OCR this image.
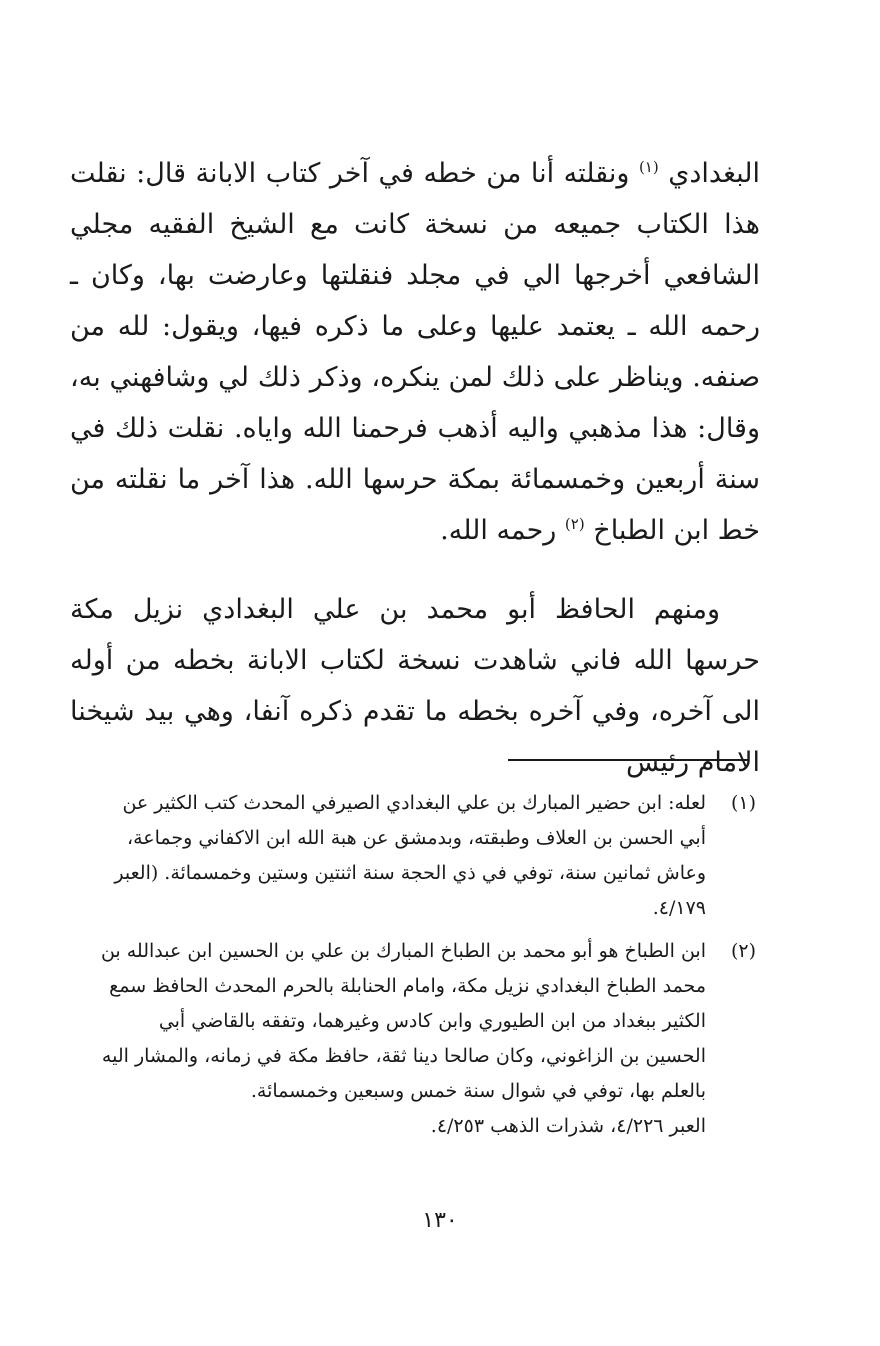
البغدادي $^{(١)}$ ونقلته أنا من خطه في آخر كتاب الابانة قال: نقلت هذا الكتاب جميعه من نسخة كانت مع الشيخ الفقيه مجلي الشافعي أخرجها الي في مجلد فنقلتها وعارضت بها، وكان ـ رحمه الله ـ يعتمد عليها وعلى ما ذكره فيها، ويقول: لله من صنفه. ويناظر على ذلك لمن ينكره، وذكر ذلك لي وشافهني به، وقال: هذا مذهبي واليه أذهب فرحمنا الله واياه. نقلت ذلك في سنة أربعين وخمسمائة بمكة حرسها الله. هذا آخر ما نقلته من خط ابن الطباخ $^{(٢)}$ رحمه الله.

ومنهم الحافظ أبو محمد بن علي البغدادي نزيل مكة حرسها الله فاني شاهدت نسخة لكتاب الابانة بخطه من أوله الى آخره، وفي آخره بخطه ما تقدم ذكره آنفا، وهي بيد شيخنا الامام رئيس

(١)
لعله: ابن حضير المبارك بن علي البغدادي الصيرفي المحدث كتب الكثير عن
أبي الحسن بن العلاف وطبقته، وبدمشق عن هبة الله ابن الاكفاني وجماعة،
وعاش ثمانين سنة، توفي في ذي الحجة سنة اثنتين وستين وخمسمائة. (العبر
٤/١٧٩.
(٢)
ابن الطباخ هو أبو محمد بن الطباخ المبارك بن علي بن الحسين ابن عبدالله بن
محمد الطباخ البغدادي نزيل مكة، وامام الحنابلة بالحرم المحدث الحافظ سمع
الكثير ببغداد من ابن الطيوري وابن كادس وغيرهما، وتفقه بالقاضي أبي
الحسين بن الزاغوني، وكان صالحا دينا ثقة، حافظ مكة في زمانه، والمشار اليه
بالعلم بها، توفي في شوال سنة خمس وسبعين وخمسمائة.
العبر ٤/٢٢٦، شذرات الذهب ٤/٢٥٣.
١٣٠
